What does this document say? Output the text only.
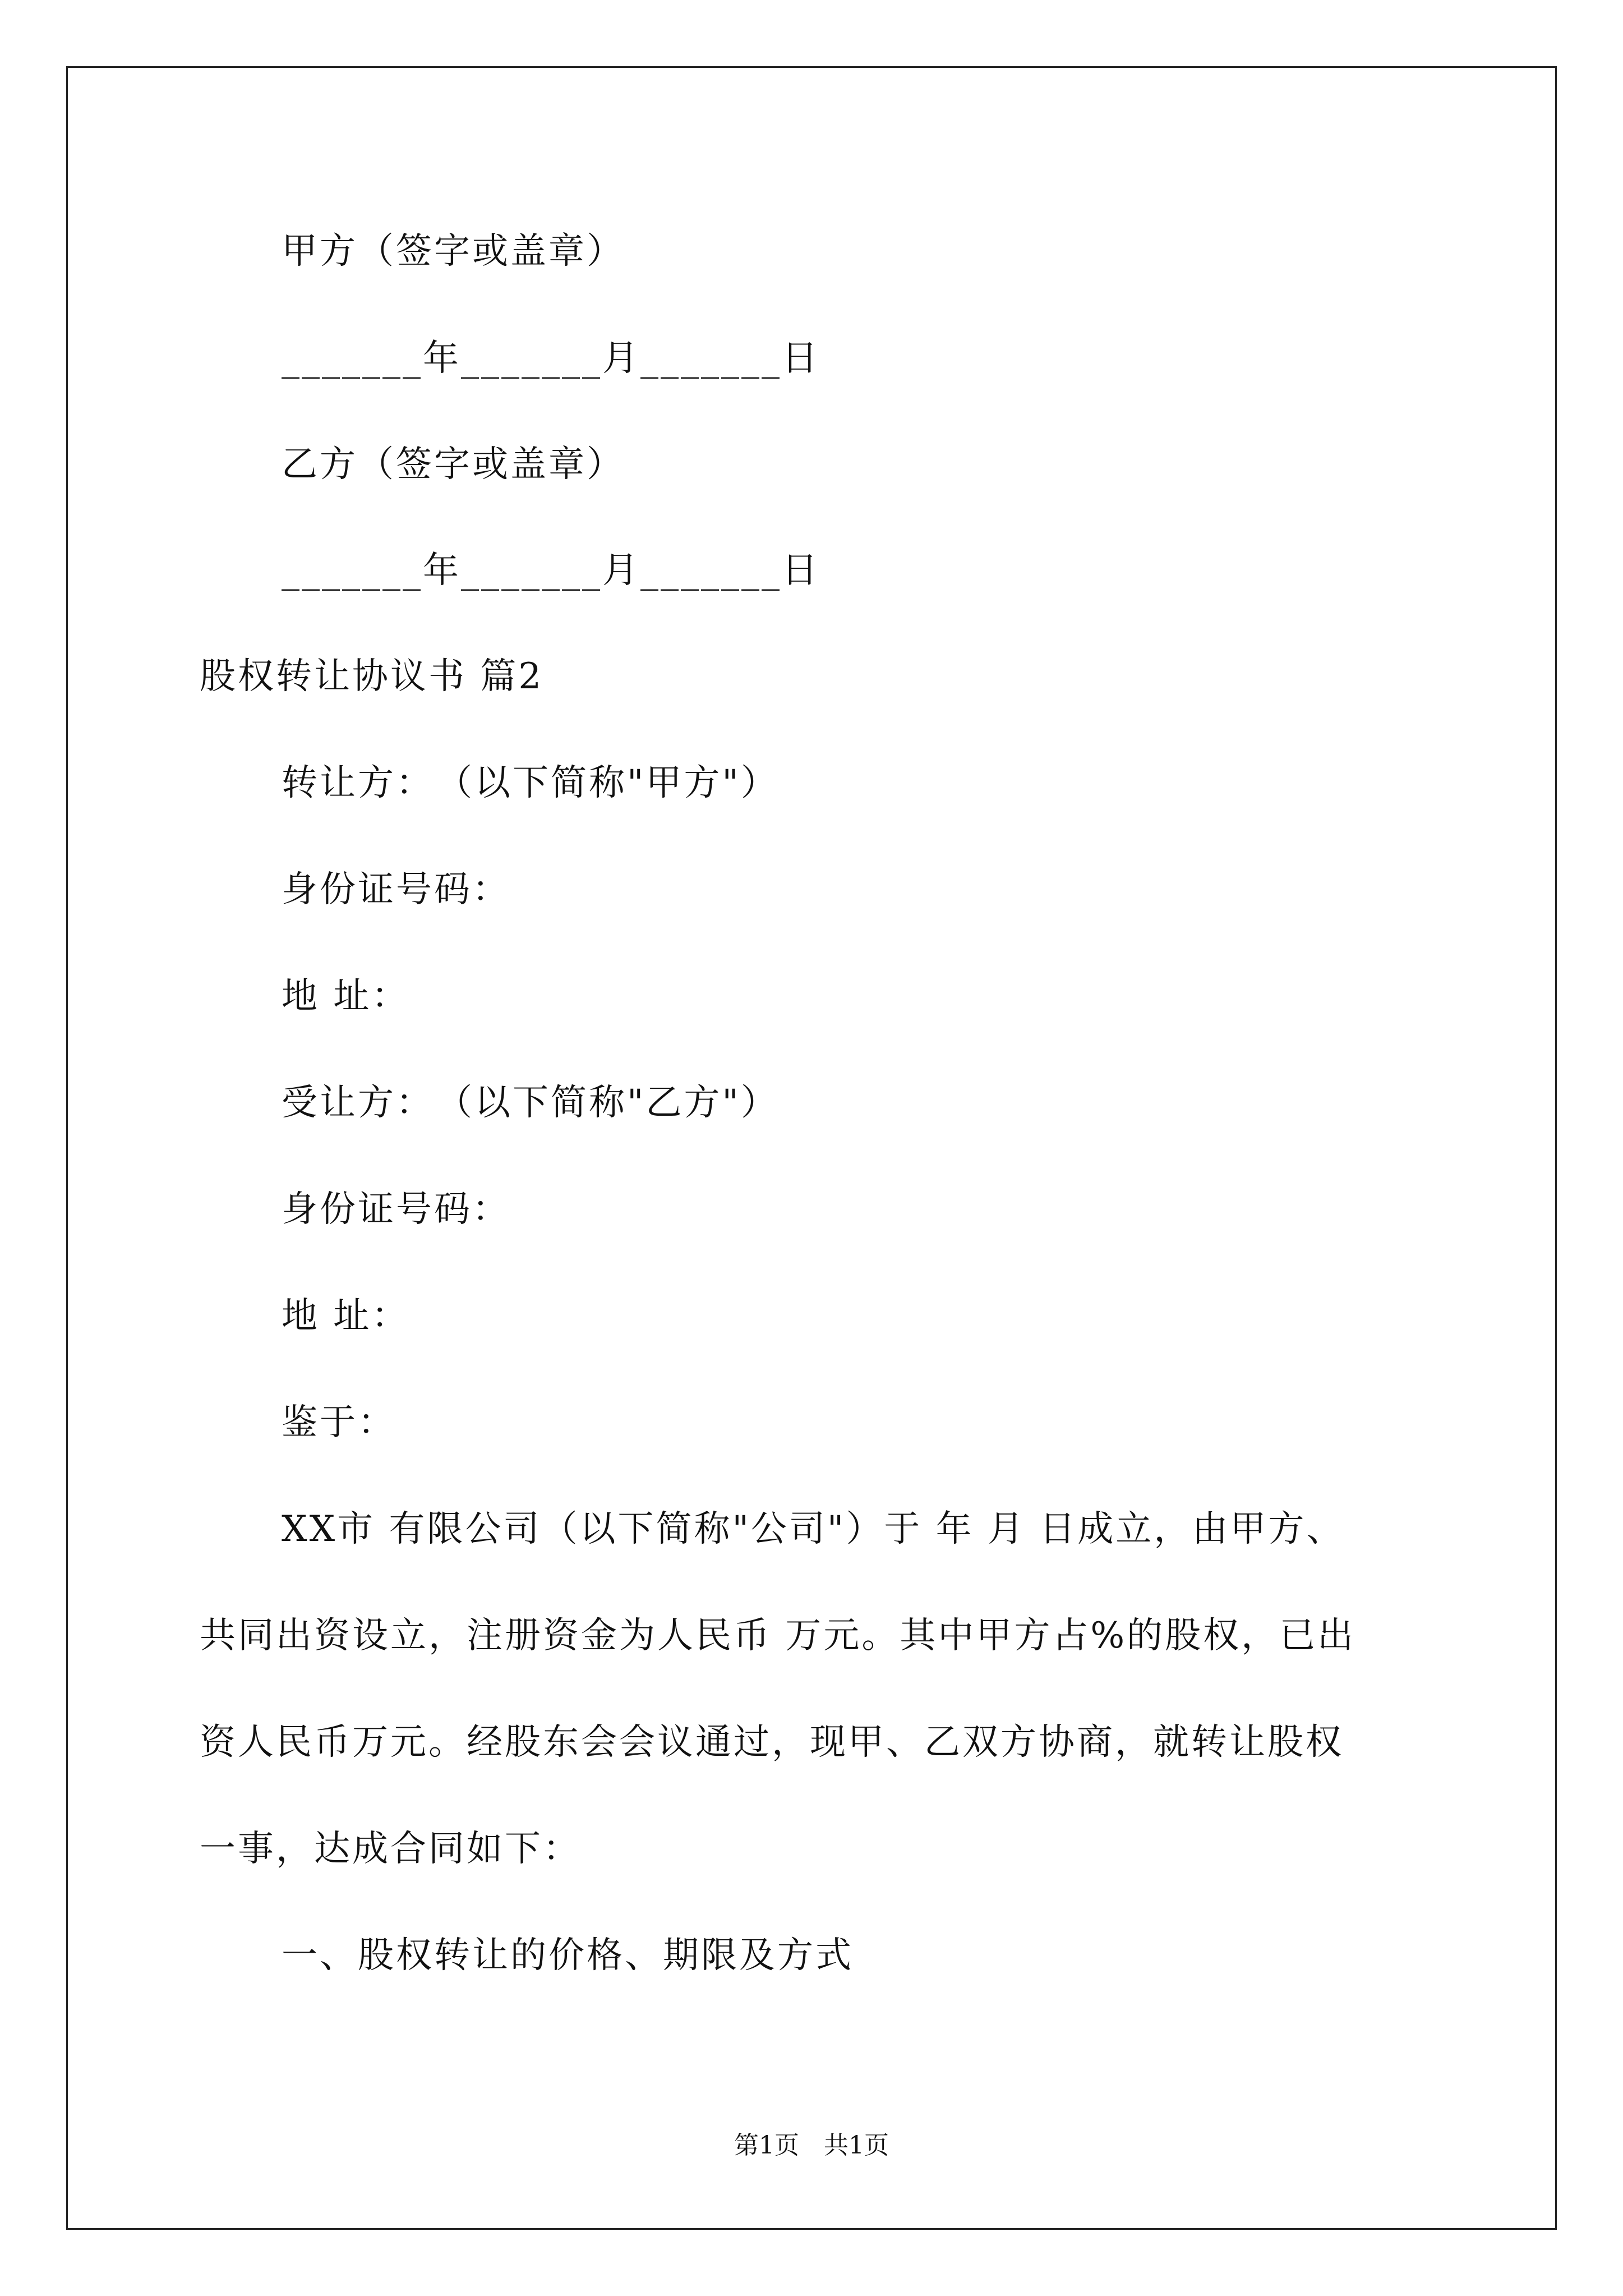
甲方（签字或盖章）
_______年_______月_______日
乙方（签字或盖章）
_______年_______月_______日
股权转让协议书 篇2
转让方：　（以下简称"甲方"）
身份证号码：
地 址：
受让方：　（以下简称"乙方"）
身份证号码：
地 址：
鉴于：
XX市 有限公司（以下简称"公司"）于 年 月 日成立，由甲方、
共同出资设立，注册资金为人民币 万元。其中甲方占%的股权，已出
资人民币万元。经股东会会议通过，现甲、乙双方协商，就转让股权
一事，达成合同如下：
一、股权转让的价格、期限及方式
第1页　共1页
